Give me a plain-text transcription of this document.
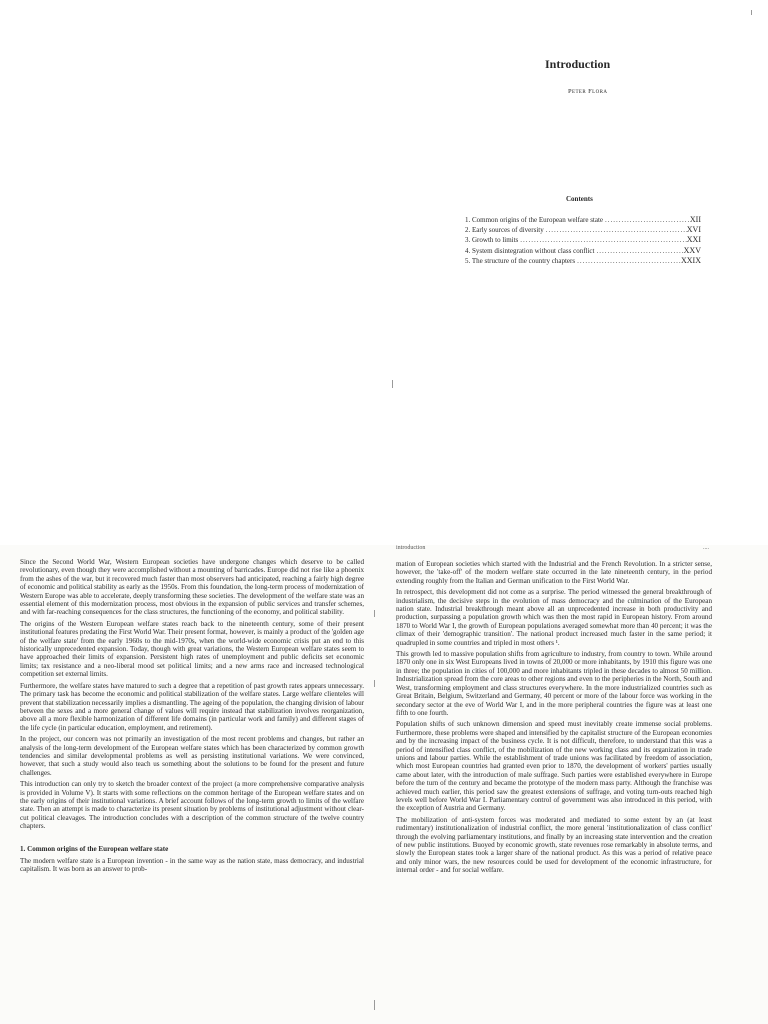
Introduction
Peter Flora
Contents
1. Common origins of the European welfare state .....	XII
2. Early sources of diversity .....	XVI
3. Growth to limits .....	XXI
4. System disintegration without class conflict .....	XXV
5. The structure of the country chapters .....	XXIX
introduction	....

Since the Second World War, Western European societies have undergone changes which deserve to be called revolutionary, even though they were accomplished without a mounting of barricades. Europe did not rise like a phoenix from the ashes of the war, but it recovered much faster than most observers had anticipated, reaching a fairly high degree of economic and political stability as early as the 1950s. From this foundation, the long-term process of modernization of Western Europe was able to accelerate, deeply transforming these societies. The development of the welfare state was an essential element of this modernization process, most obvious in the expansion of public services and transfer schemes, and with far-reaching consequences for the class structures, the functioning of the economy, and political stability.

The origins of the Western European welfare states reach back to the nineteenth century, some of their present institutional features predating the First World War. Their present format, however, is mainly a product of the 'golden age of the welfare state' from the early 1960s to the mid-1970s, when the world-wide economic crisis put an end to this historically unprecedented expansion. Today, though with great variations, the Western European welfare states seem to have approached their limits of expansion. Persistent high rates of unemployment and public deficits set economic limits; tax resistance and a neo-liberal mood set political limits; and a new arms race and increased technological competition set external limits.

Furthermore, the welfare states have matured to such a degree that a repetition of past growth rates appears unnecessary. The primary task has become the economic and political stabilization of the welfare states. Large welfare clienteles will prevent that stabilization necessarily implies a dismantling. The ageing of the population, the changing division of labour between the sexes and a more general change of values will require instead that stabilization involves reorganization, above all a more flexible harmonization of different life domains (in particular work and family) and different stages of the life cycle (in particular education, employment, and retirement).

In the project, our concern was not primarily an investigation of the most recent problems and changes, but rather an analysis of the long-term development of the European welfare states which has been characterized by common growth tendencies and similar developmental problems as well as persisting institutional variations. We were convinced, however, that such a study would also teach us something about the solutions to be found for the present and future challenges.

This introduction can only try to sketch the broader context of the project (a more comprehensive comparative analysis is provided in Volume V). It starts with some reflections on the common heritage of the European welfare states and on the early origins of their institutional variations. A brief account follows of the long-term growth to limits of the welfare state. Then an attempt is made to characterize its present situation by problems of institutional adjustment without clear-cut political cleavages. The introduction concludes with a description of the common structure of the twelve country chapters.

1. Common origins of the European welfare state

The modern welfare state is a European invention - in the same way as the nation state, mass democracy, and industrial capitalism. It was born as an answer to prob-

mation of European societies which started with the Industrial and the French Revolution. In a stricter sense, however, the 'take-off' of the modern welfare state occurred in the late nineteenth century, in the period extending roughly from the Italian and German unification to the First World War.

In retrospect, this development did not come as a surprise. The period witnessed the general breakthrough of industrialism, the decisive steps in the evolution of mass democracy and the culmination of the European nation state. Industrial breakthrough meant above all an unprecedented increase in both productivity and production, surpassing a population growth which was then the most rapid in European history. From around 1870 to World War I, the growth of European populations averaged somewhat more than 40 percent; it was the climax of their 'demographic transition'. The national product increased much faster in the same period; it quadrupled in some countries and tripled in most others ¹.

This growth led to massive population shifts from agriculture to industry, from country to town. While around 1870 only one in six West Europeans lived in towns of 20,000 or more inhabitants, by 1910 this figure was one in three; the population in cities of 100,000 and more inhabitants tripled in these decades to almost 50 million. Industrialization spread from the core areas to other regions and even to the peripheries in the North, South and West, transforming employment and class structures everywhere. In the more industrialized countries such as Great Britain, Belgium, Switzerland and Germany, 40 percent or more of the labour force was working in the secondary sector at the eve of World War I, and in the more peripheral countries the figure was at least one fifth to one fourth.

Population shifts of such unknown dimension and speed must inevitably create immense social problems. Furthermore, these problems were shaped and intensified by the capitalist structure of the European economies and by the increasing impact of the business cycle. It is not difficult, therefore, to understand that this was a period of intensified class conflict, of the mobilization of the new working class and its organization in trade unions and labour parties. While the establishment of trade unions was facilitated by freedom of association, which most European countries had granted even prior to 1870, the development of workers' parties usually came about later, with the introduction of male suffrage. Such parties were established everywhere in Europe before the turn of the century and became the prototype of the modern mass party. Although the franchise was achieved much earlier, this period saw the greatest extensions of suffrage, and voting turn-outs reached high levels well before World War I. Parliamentary control of government was also introduced in this period, with the exception of Austria and Germany.

The mobilization of anti-system forces was moderated and mediated to some extent by an (at least rudimentary) institutionalization of industrial conflict, the more general 'institutionalization of class conflict' through the evolving parliamentary institutions, and finally by an increasing state intervention and the creation of new public institutions. Buoyed by economic growth, state revenues rose remarkably in absolute terms, and slowly the European states took a larger share of the national product. As this was a period of relative peace and only minor wars, the new resources could be used for development of the economic infrastructure, for internal order - and for social welfare.
